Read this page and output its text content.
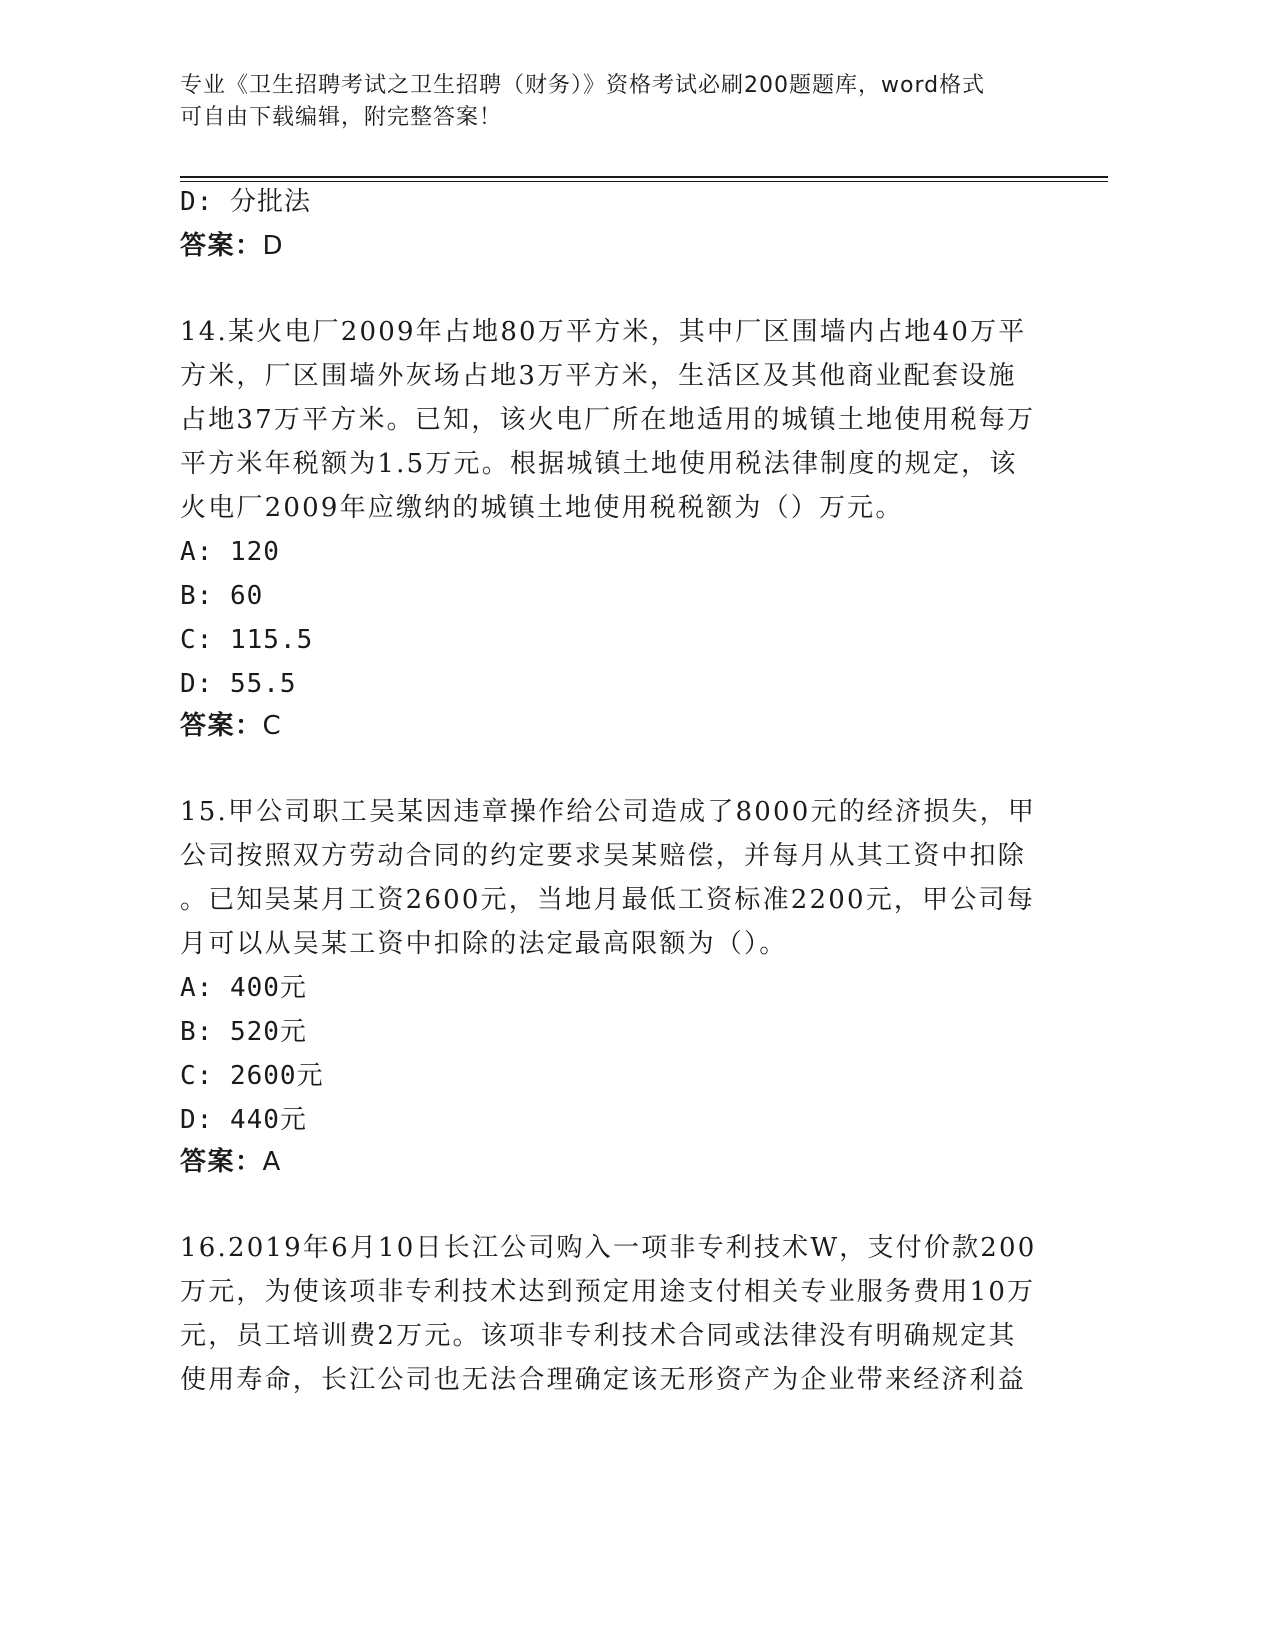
专业《卫生招聘考试之卫生招聘（财务）》资格考试必刷200题题库，word格式
可自由下载编辑，附完整答案！
D: 分批法
答案：D
14.某火电厂2009年占地80万平方米，其中厂区围墙内占地40万平
方米，厂区围墙外灰场占地3万平方米，生活区及其他商业配套设施
占地37万平方米。已知，该火电厂所在地适用的城镇土地使用税每万
平方米年税额为1.5万元。根据城镇土地使用税法律制度的规定，该
火电厂2009年应缴纳的城镇土地使用税税额为（）万元。
A: 120
B: 60
C: 115.5
D: 55.5
答案：C
15.甲公司职工吴某因违章操作给公司造成了8000元的经济损失，甲
公司按照双方劳动合同的约定要求吴某赔偿，并每月从其工资中扣除
。已知吴某月工资2600元，当地月最低工资标准2200元，甲公司每
月可以从吴某工资中扣除的法定最高限额为（）。
A: 400元
B: 520元
C: 2600元
D: 440元
答案：A
16.2019年6月10日长江公司购入一项非专利技术W，支付价款200
万元，为使该项非专利技术达到预定用途支付相关专业服务费用10万
元，员工培训费2万元。该项非专利技术合同或法律没有明确规定其
使用寿命，长江公司也无法合理确定该无形资产为企业带来经济利益
